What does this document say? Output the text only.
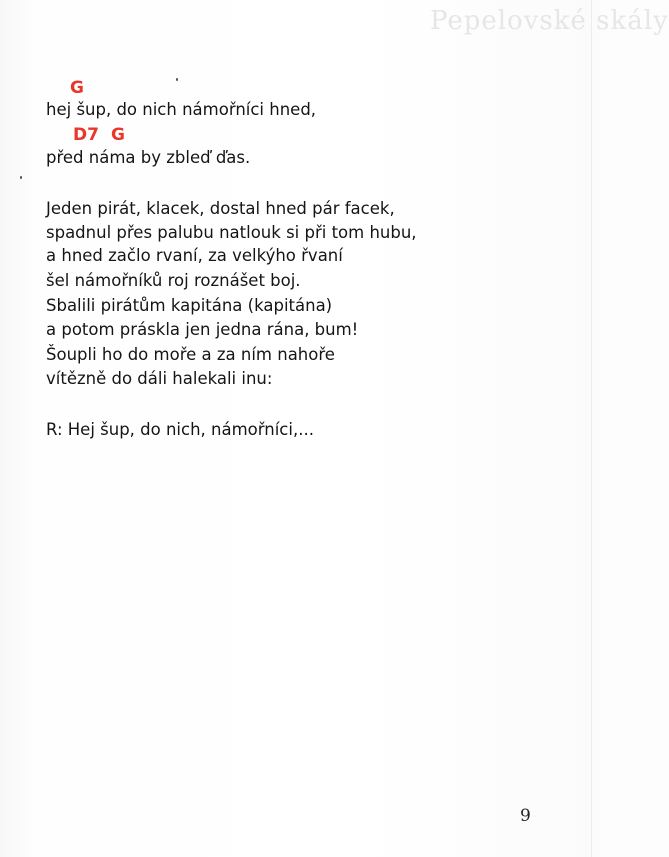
Pepelovské skály
G
hej šup, do nich námořníci hned,
D7 G
před náma by zbleď ďas.
Jeden pirát, klacek, dostal hned pár facek,
spadnul přes palubu natlouk si při tom hubu,
a hned začlo rvaní, za velkýho řvaní
šel námořníků roj roznášet boj.
Sbalili pirátům kapitána (kapitána)
a potom práskla jen jedna rána, bum!
Šoupli ho do moře a za ním nahoře
vítězně do dáli halekali inu:
R: Hej šup, do nich, námořníci,...
9
